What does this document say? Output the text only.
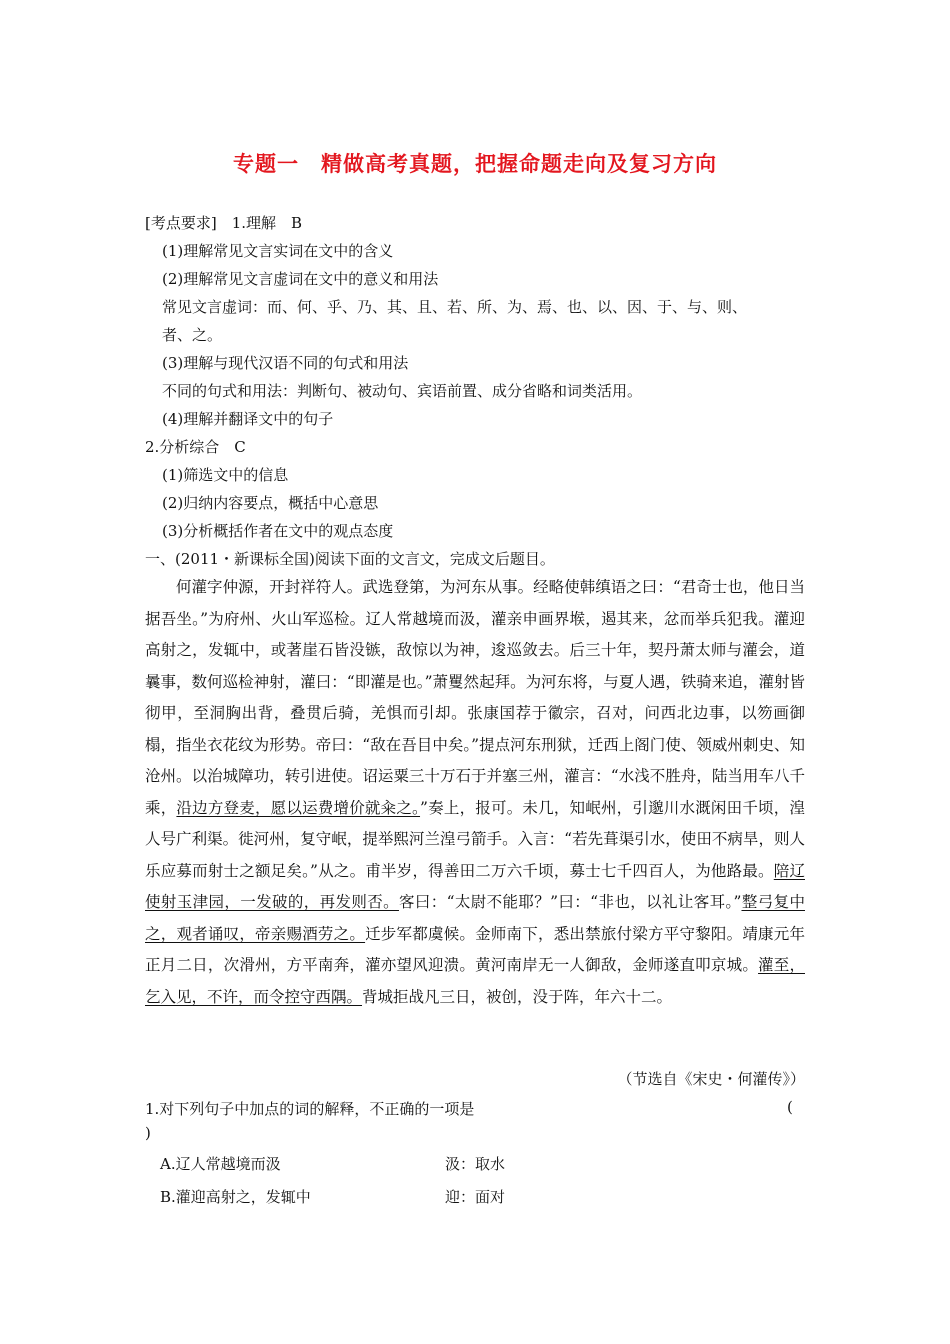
专题一　精做高考真题，把握命题走向及复习方向
[考点要求]　1.理解　B
(1)理解常见文言实词在文中的含义
(2)理解常见文言虚词在文中的意义和用法
常见文言虚词：而、何、乎、乃、其、且、若、所、为、焉、也、以、因、于、与、则、
者、之。
(3)理解与现代汉语不同的句式和用法
不同的句式和用法：判断句、被动句、宾语前置、成分省略和词类活用。
(4)理解并翻译文中的句子
2.分析综合　C
(1)筛选文中的信息
(2)归纳内容要点，概括中心意思
(3)分析概括作者在文中的观点态度
一、(2011・新课标全国)阅读下面的文言文，完成文后题目。

何灌字仲源，开封祥符人。武选登第，为河东从事。经略使韩缜语之曰：“君奇士也，他日当据吾坐。”为府州、火山军巡检。辽人常越境而汲，灌亲申画界堠，遏其来，忿而举兵犯我。灌迎高射之，发辄中，或著崖石皆没镞，敌惊以为神，逡巡敛去。后三十年，契丹萧太师与灌会，道曩事，数何巡检神射，灌曰：“即灌是也。”萧矍然起拜。为河东将，与夏人遇，铁骑来追，灌射皆彻甲，至洞胸出背，叠贯后骑，羌惧而引却。张康国荐于徽宗，召对，问西北边事，以笏画御榻，指坐衣花纹为形势。帝曰：“敌在吾目中矣。”提点河东刑狱，迁西上阁门使、领威州刺史、知沧州。以治城障功，转引进使。诏运粟三十万石于并塞三州，灌言：“水浅不胜舟，陆当用车八千乘，沿边方登麦，愿以运费增价就籴之。”奏上，报可。未几，知岷州，引邈川水溉闲田千顷，湟人号广利渠。徙河州，复守岷，提举熙河兰湟弓箭手。入言：“若先葺渠引水，使田不病旱，则人乐应募而射士之额足矣。”从之。甫半岁，得善田二万六千顷，募士七千四百人，为他路最。陪辽使射玉津园，一发破的，再发则否。客曰：“太尉不能耶？”曰：“非也，以礼让客耳。”整弓复中之，观者诵叹，帝亲赐酒劳之。迁步军都虞候。金师南下，悉出禁旅付梁方平守黎阳。靖康元年正月二日，次滑州，方平南奔，灌亦望风迎溃。黄河南岸无一人御敌，金师遂直叩京城。灌至，乞入见，不许，而令控守西隅。背城拒战凡三日，被创，没于阵，年六十二。

（节选自《宋史・何灌传》）
1.对下列句子中加点的词的解释，不正确的一项是	(
)
A.辽人常越境而汲	汲：取水
B.灌迎高射之，发辄中	迎：面对
